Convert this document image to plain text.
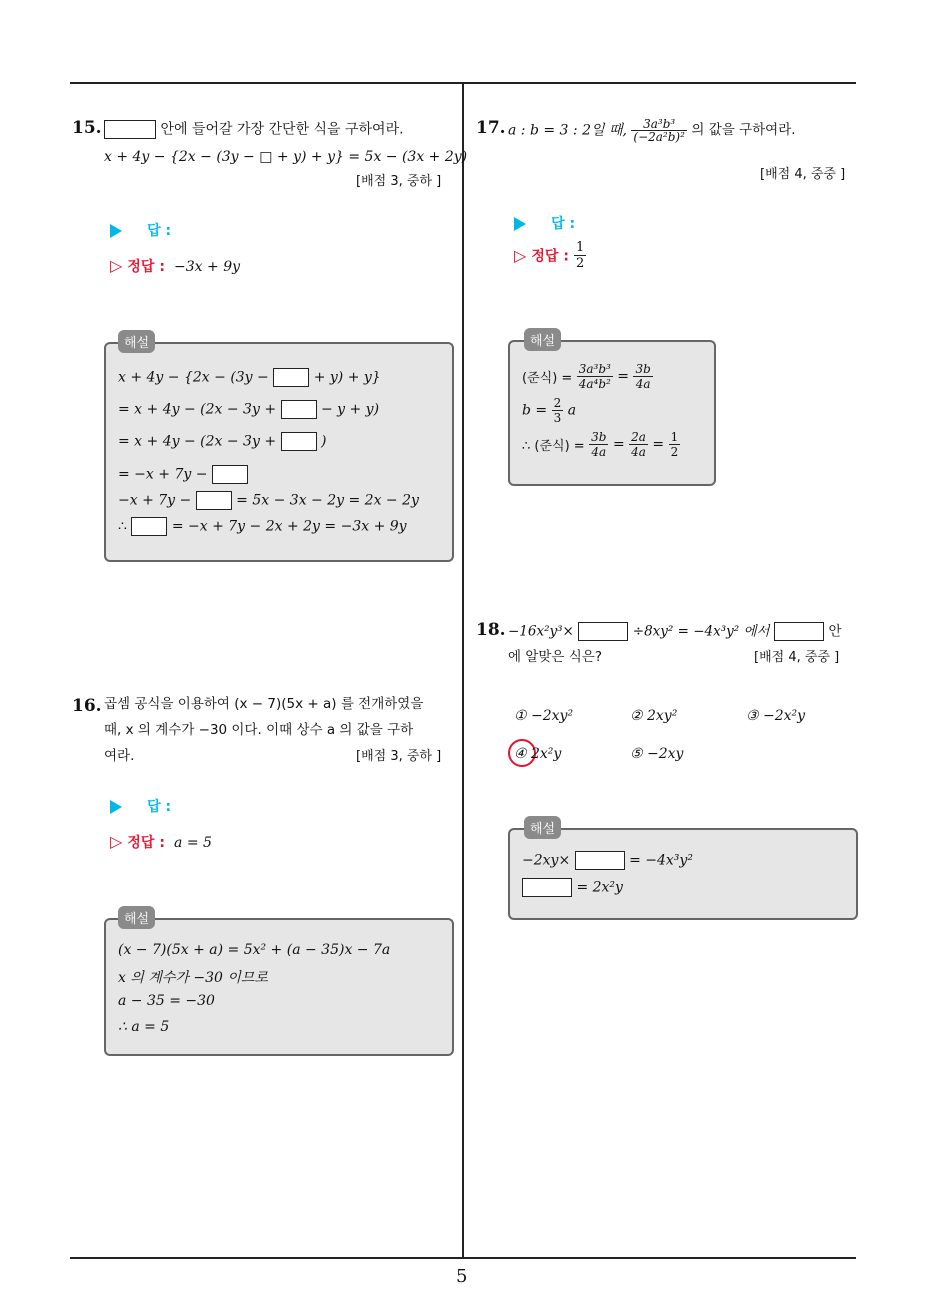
5
15.	안에 들어갈 가장 간단한 식을 구하여라.
x + 4y − {2x − (3y − □ + y) + y} = 5x − (3x + 2y)
[배점 3, 중하 ]
답 :
▷ 정답 : −3x + 9y
해설
x + 4y − {2x − (3y −	+ y) + y}
= x + 4y − (2x − 3y +	− y + y)
= x + 4y − (2x − 3y +	)
= −x + 7y −
−x + 7y −	= 5x − 3x − 2y = 2x − 2y
∴	= −x + 7y − 2x + 2y = −3x + 9y
16. 곱셈 공식을 이용하여 (x − 7)(5x + a) 를 전개하였을
때, x 의 계수가 −30 이다. 이때 상수 a 의 값을 구하
여라.	[배점 3, 중하 ]
답 :
▷ 정답 : a = 5
해설
(x − 7)(5x + a) = 5x² + (a − 35)x − 7a
x 의 계수가 −30 이므로
a − 35 = −30
∴ a = 5
17. a : b = 3 : 2일 때, $\frac{\text{3a³b³}}{\text{(−2a²b)²}}$ 의 값을 구하여라.
[배점 4, 중중 ]
답 :
▷ 정답 : $\frac{1}{2}$
해설
(준식) = $\frac{\text{3a³b³}}{\text{4a⁴b²}} = \frac{3b}{4a}$
$b = \frac{2}{3}$ a
∴ (준식) = $\frac{3b}{4a} = \frac{2a}{4a} = \frac{1}{2}$
18. −16x²y³×	÷8xy² = −4x³y² 에서	안
에 알맞은 식은?	[배점 4, 중중 ]
① −2xy²	② 2xy²	③ −2x²y
④ 2x²y	⑤ −2xy
해설
−2xy×	= −4x³y²
= 2x²y
